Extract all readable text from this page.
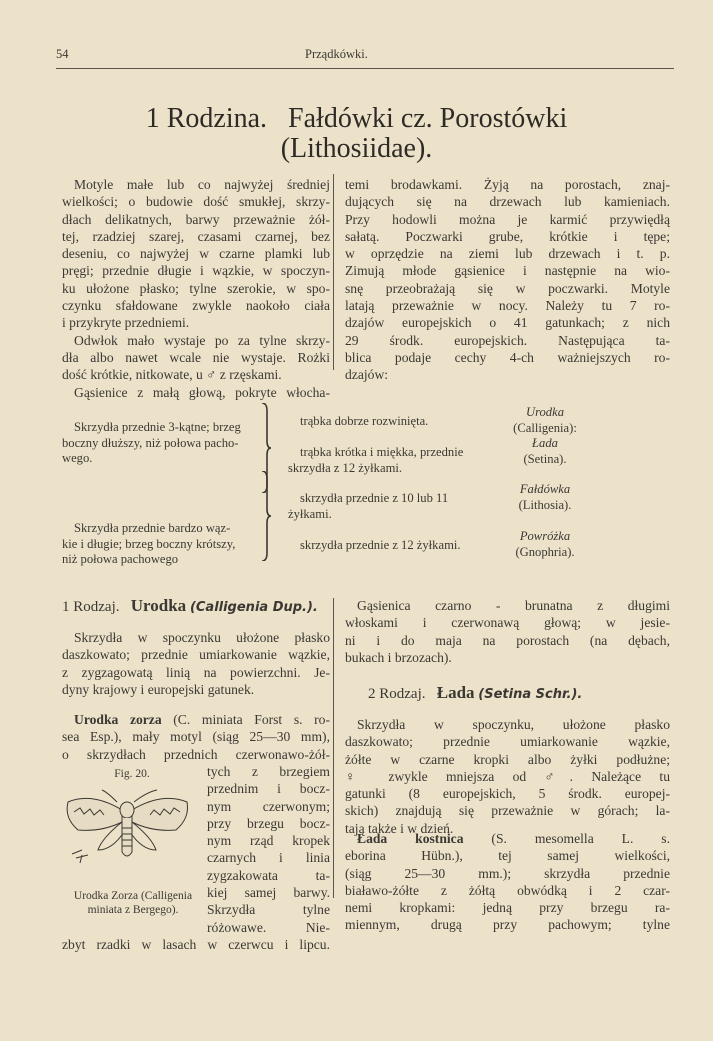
54	Prządkówki.
1 Rodzina.   Fałdówki cz. Porostówki
(Lithosiidae).
Motyle małe lub co najwyżej średniej
wielkości; o budowie dość smukłej, skrzy-
dłach delikatnych, barwy przeważnie żół-
tej, rzadziej szarej, czasami czarnej, bez
deseniu, co najwyżej w czarne plamki lub
pręgi; przednie długie i wązkie, w spoczyn-
ku ułożone płasko; tylne szerokie, w spo-
czynku sfałdowane zwykle naokoło ciała
i przykryte przedniemi.
Odwłok mało wystaje po za tylne skrzy-
dła albo nawet wcale nie wystaje. Rożki
dość krótkie, nitkowate, u ♂ z rzęskami.
Gąsienice z małą głową, pokryte włocha-
temi brodawkami. Żyją na porostach, znaj-
dujących się na drzewach lub kamieniach.
Przy hodowli można je karmić przywiędłą
sałatą. Poczwarki grube, krótkie i tępe;
w oprzędzie na ziemi lub drzewach i t. p.
Zimują młode gąsienice i następnie na wio-
snę przeobrażają się w poczwarki. Motyle
latają przeważnie w nocy. Należy tu 7 ro-
dzajów europejskich o 41 gatunkach; z nich
29 środk. europejskich. Następująca ta-
blica podaje cechy 4-ch ważniejszych ro-
dzajów:
Skrzydła przednie 3-kątne; brzeg
boczny dłuższy, niż połowa pacho-
wego.
trąbka dobrze rozwinięta.
Urodka
(Calligenia):
trąbka krótka i miękka, przednie
skrzydła z 12 żyłkami.
Łada
(Setina).
Skrzydła przednie bardzo wąz-
kie i długie; brzeg boczny krótszy,
niż połowa pachowego
skrzydła przednie z 10 lub 11
żyłkami.
Fałdówka
(Lithosia).
skrzydła przednie z 12 żyłkami.
Powróżka
(Gnophria).
1 Rodzaj. Urodka (Calligenia Dup.).
Skrzydła w spoczynku ułożone płasko
daszkowato; przednie umiarkowanie wązkie,
z zygzagowatą linią na powierzchni. Je-
dyny krajowy i europejski gatunek.
Urodka zorza (C. miniata Forst s. ro-
sea Esp.), mały motyl (siąg 25—30 mm),
o skrzydłach przednich czerwonawo-żół-
tych z brzegiem
przednim i bocz-
nym czerwonym;
przy brzegu bocz-
nym rząd kropek
czarnych i linia
zygzakowata ta-
kiej samej barwy.
Skrzydła tylne
różowawe. Nie-
zbyt rzadki w lasach w czerwcu i lipcu.
Fig. 20.
Urodka Zorza (Calligenia
miniata z Bergego).
Gąsienica czarno - brunatna z długimi
włoskami i czerwonawą głową; w jesie-
ni i do maja na porostach (na dębach,
bukach i brzozach).
2 Rodzaj. Łada (Setina Schr.).
Skrzydła w spoczynku, ułożone płasko
daszkowato; przednie umiarkowanie wązkie,
żółte w czarne kropki albo żyłki podłużne;
♀ zwykle mniejsza od ♂. Należące tu
gatunki (8 europejskich, 5 środk. europej-
skich) znajdują się przeważnie w górach; la-
tają także i w dzień.
Łada kostnica (S. mesomella L. s.
eborina Hübn.), tej samej wielkości,
(siąg 25—30 mm.); skrzydła przednie
białawo-żółte z żółtą obwódką i 2 czar-
nemi kropkami: jedną przy brzegu ra-
miennym, drugą przy pachowym; tylne
